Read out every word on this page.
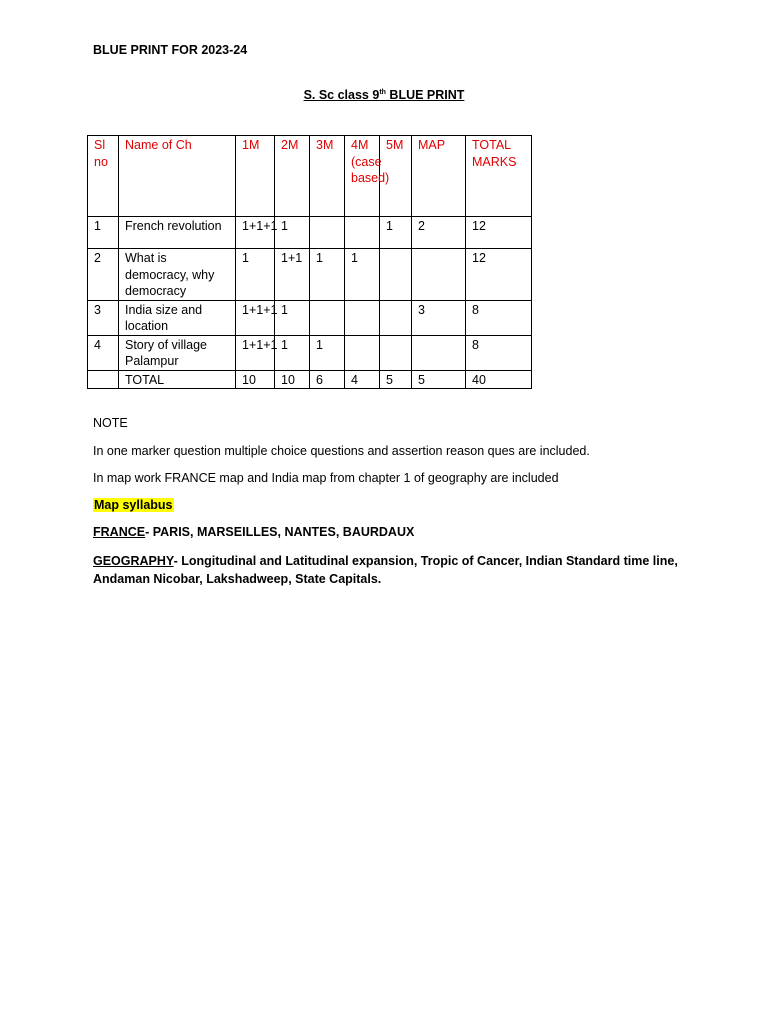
BLUE PRINT FOR 2023-24
S. Sc class 9th BLUE PRINT
Sl no	Name of Ch	1M	2M	3M	4M (case based)	5M	MAP	TOTAL MARKS
1	French revolution	1+1+1	1			1	2	12
2	What is democracy, why democracy	1	1+1	1	1			12
3	India size and location	1+1+1	1				3	8
4	Story of village Palampur	1+1+1	1	1				8
	TOTAL	10	10	6	4	5	5	40
NOTE
In one marker question multiple choice questions and assertion reason ques are included.
In map work FRANCE map and India map from chapter 1 of geography are included
Map syllabus
FRANCE- PARIS, MARSEILLES, NANTES, BAURDAUX
GEOGRAPHY- Longitudinal and Latitudinal expansion, Tropic of Cancer, Indian Standard time line, Andaman Nicobar, Lakshadweep, State Capitals.
